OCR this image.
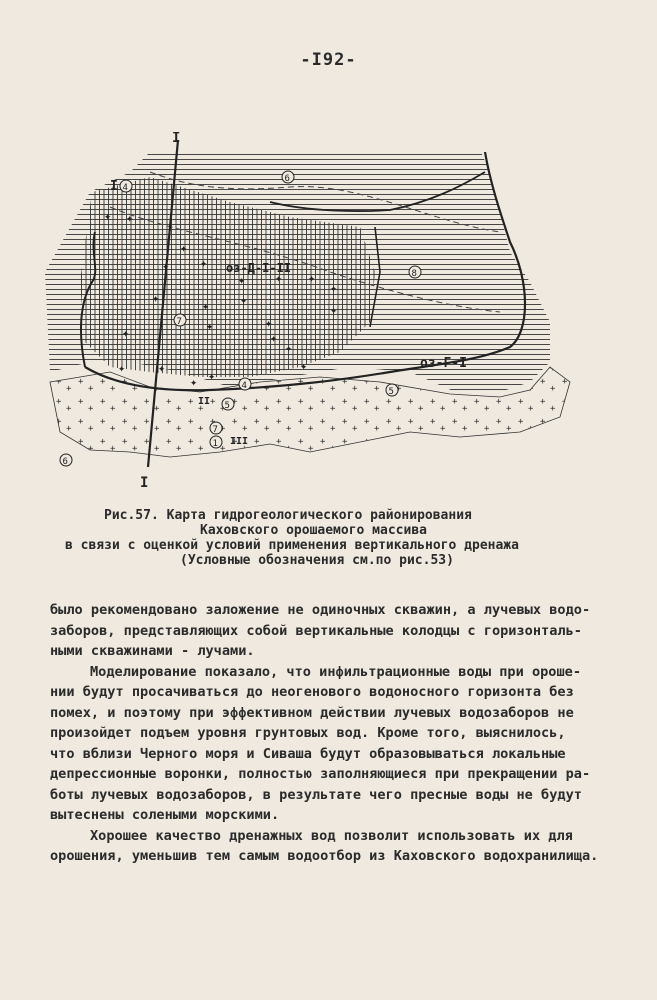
-I92-
I
I
I
оз-Д-I-II
оз-Г-I
II
III
4
6
8
7
4
5
5
7
1
6
✦ ✦
✦	✦
✦ ✦ ✦
✦
✦
✦
✦
✦
✦
✦
✦
✦
✦	✦
✦ ✦
✦
✦
✦
Рис.57. Карта гидрогеологического районирования
Каховского орошаемого массива
в связи с оценкой условий применения вертикального дренажа
(Условные обозначения см.по рис.53)
было рекомендовано заложение не одиночных скважин, а лучевых водо-
заборов, представляющих собой вертикальные колодцы с горизонталь-
ными скважинами - лучами.
Моделирование показало, что инфильтрационные воды при ороше-
нии будут просачиваться до неогенового водоносного горизонта без
помех, и поэтому при эффективном действии лучевых водозаборов не
произойдет подъем уровня грунтовых вод. Кроме того, выяснилось,
что вблизи Черного моря и Сиваша будут образовываться локальные
депрессионные воронки, полностью заполняющиеся при прекращении ра-
боты лучевых водозаборов, в результате чего пресные воды не будут
вытеснены солеными морскими.
Хорошее качество дренажных вод позволит использовать их для
орошения, уменьшив тем самым водоотбор из Каховского водохранилища.
